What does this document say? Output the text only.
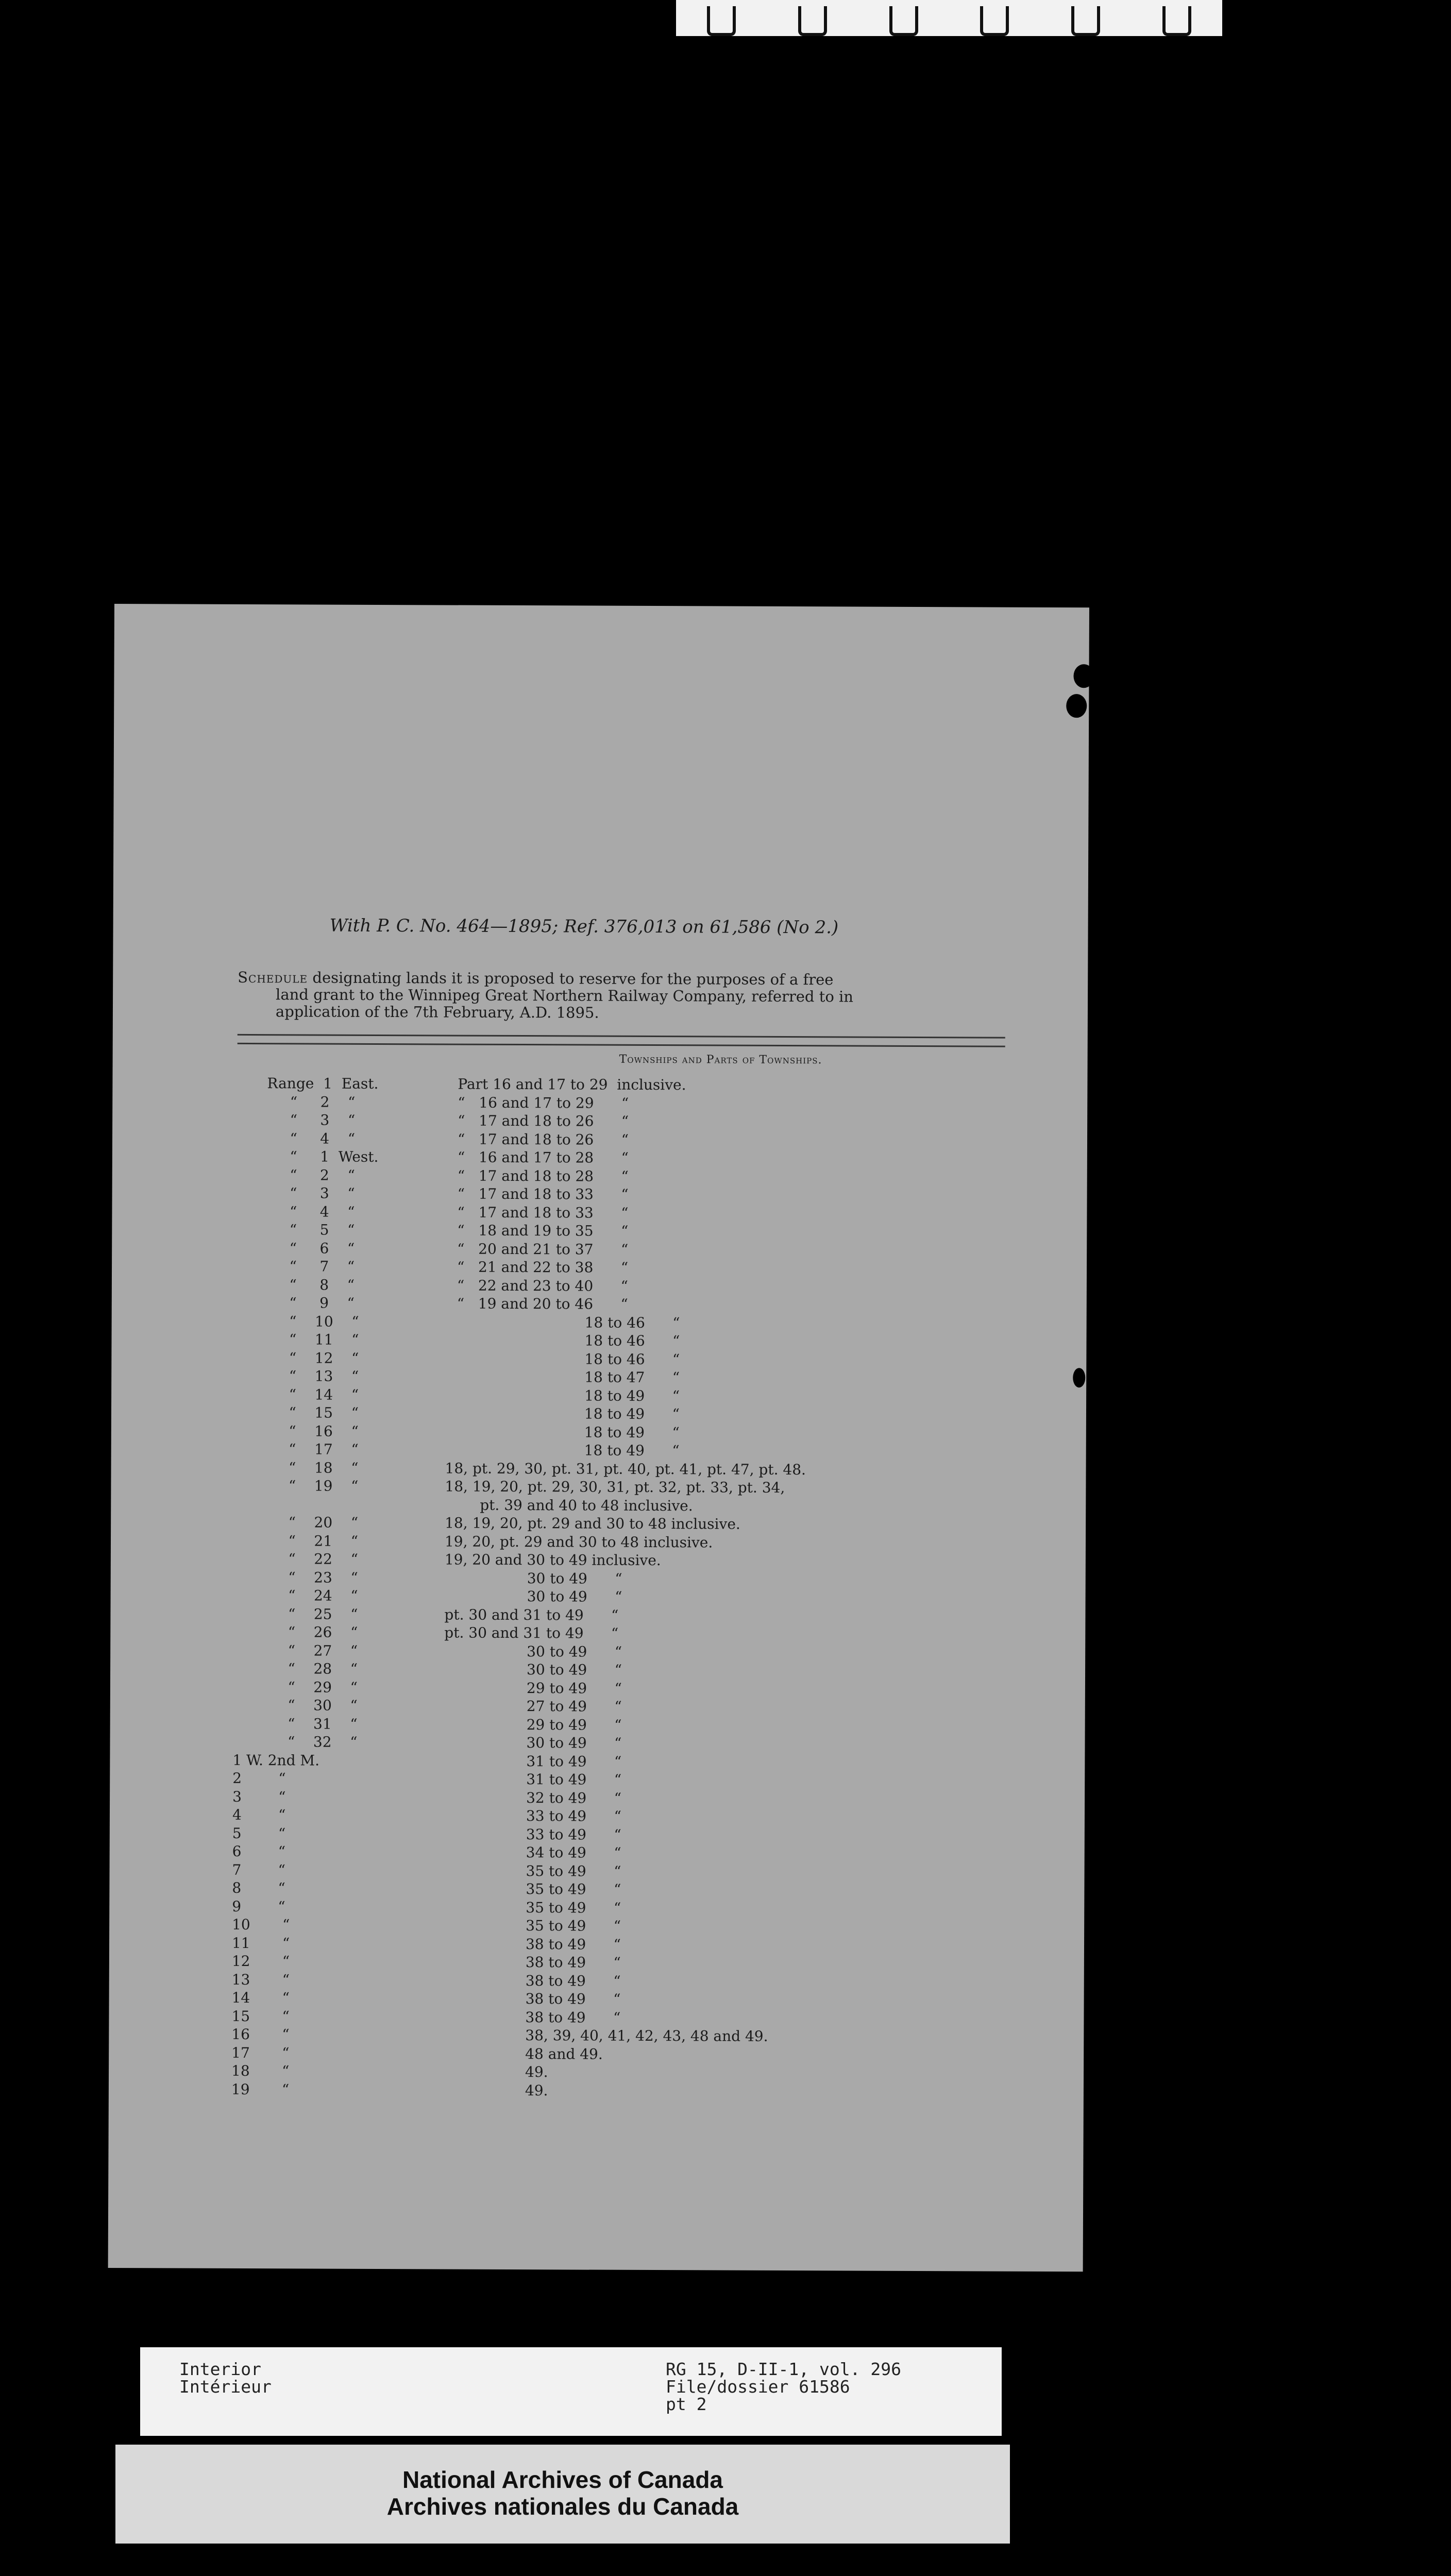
With P. C. No. 464—1895; Ref. 376,013 on 61,586 (No 2.)
Schedule designating lands it is proposed to reserve for the purposes of a free
land grant to the Winnipeg Great Northern Railway Company, referred to in
application of the 7th February, A.D. 1895.
Townships and Parts of Townships.
Range  1  East.	Part 16 and 17 to 29  inclusive.
“     2    “	“   16 and 17 to 29      “
“     3    “	“   17 and 18 to 26      “
“     4    “	“   17 and 18 to 26      “
“     1  West.	“   16 and 17 to 28      “
“     2    “	“   17 and 18 to 28      “
“     3    “	“   17 and 18 to 33      “
“     4    “	“   17 and 18 to 33      “
“     5    “	“   18 and 19 to 35      “
“     6    “	“   20 and 21 to 37      “
“     7    “	“   21 and 22 to 38      “
“     8    “	“   22 and 23 to 40      “
“     9    “	“   19 and 20 to 46      “
“    10    “	18 to 46      “
“    11    “	18 to 46      “
“    12    “	18 to 46      “
“    13    “	18 to 47      “
“    14    “	18 to 49      “
“    15    “	18 to 49      “
“    16    “	18 to 49      “
“    17    “	18 to 49      “
“    18    “	18, pt. 29, 30, pt. 31, pt. 40, pt. 41, pt. 47, pt. 48.
“    19    “	18, 19, 20, pt. 29, 30, 31, pt. 32, pt. 33, pt. 34,
pt. 39 and 40 to 48 inclusive.
“    20    “	18, 19, 20, pt. 29 and 30 to 48 inclusive.
“    21    “	19, 20, pt. 29 and 30 to 48 inclusive.
“    22    “	19, 20 and 30 to 49 inclusive.
“    23    “	30 to 49      “
“    24    “	30 to 49      “
“    25    “	pt. 30 and 31 to 49      “
“    26    “	pt. 30 and 31 to 49      “
“    27    “	30 to 49      “
“    28    “	30 to 49      “
“    29    “	29 to 49      “
“    30    “	27 to 49      “
“    31    “	29 to 49      “
“    32    “	30 to 49      “
1 W. 2nd M.	31 to 49      “
2        “	31 to 49      “
3        “	32 to 49      “
4        “	33 to 49      “
5        “	33 to 49      “
6        “	34 to 49      “
7        “	35 to 49      “
8        “	35 to 49      “
9        “	35 to 49      “
10       “	35 to 49      “
11       “	38 to 49      “
12       “	38 to 49      “
13       “	38 to 49      “
14       “	38 to 49      “
15       “	38 to 49      “
16       “	38, 39, 40, 41, 42, 43, 48 and 49.
17       “	48 and 49.
18       “	49.
19       “	49.
Interior
Intérieur
RG 15, D-II-1, vol. 296
File/dossier 61586
pt 2
National Archives of Canada
Archives nationales du Canada
